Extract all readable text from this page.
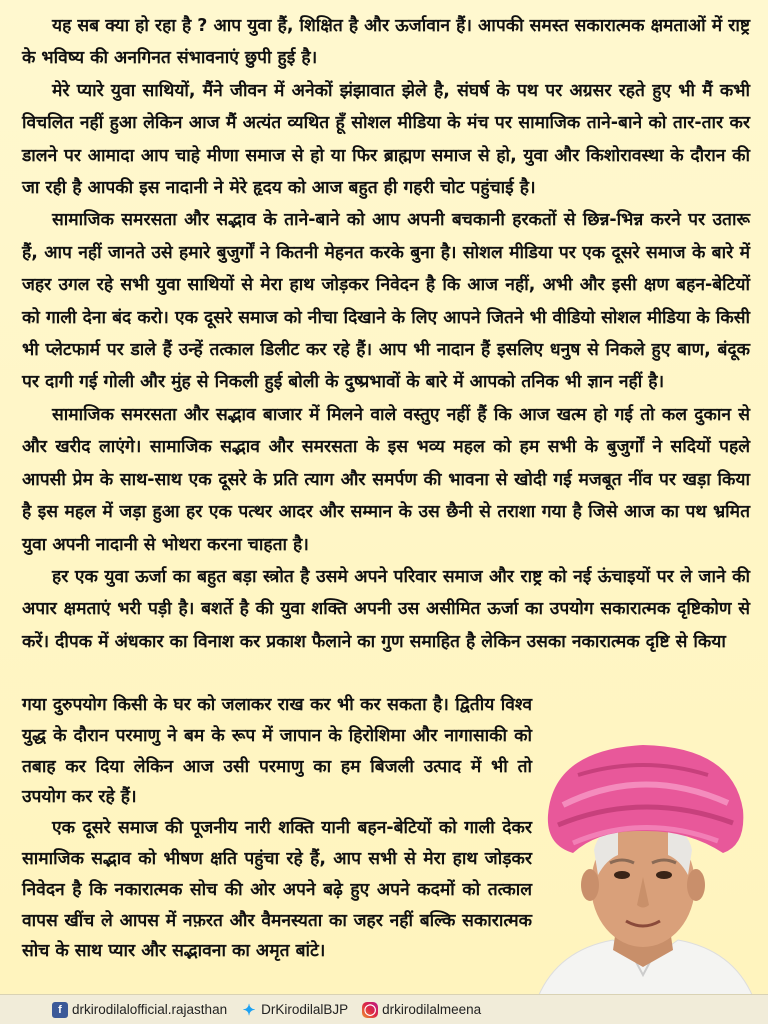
यह सब क्या हो रहा है ? आप युवा हैं, शिक्षित है और ऊर्जावान हैं। आपकी समस्त सकारात्मक क्षमताओं में राष्ट्र के भविष्य की अनगिनत संभावनाएं छुपी हुई है।

मेरे प्यारे युवा साथियों, मैंने जीवन में अनेकों झंझावात झेले है, संघर्ष के पथ पर अग्रसर रहते हुए भी मैं कभी विचलित नहीं हुआ लेकिन आज मैं अत्यंत व्यथित हूँ सोशल मीडिया के मंच पर सामाजिक ताने-बाने को तार-तार कर डालने पर आमादा आप चाहे मीणा समाज से हो या फिर ब्राह्मण समाज से हो, युवा और किशोरावस्था के दौरान की जा रही है आपकी इस नादानी ने मेरे हृदय को आज बहुत ही गहरी चोट पहुंचाई है।

सामाजिक समरसता और सद्भाव के ताने-बाने को आप अपनी बचकानी हरकतों से छिन्न-भिन्न करने पर उतारू हैं, आप नहीं जानते उसे हमारे बुजुर्गों ने कितनी मेहनत करके बुना है। सोशल मीडिया पर एक दूसरे समाज के बारे में जहर उगल रहे सभी युवा साथियों से मेरा हाथ जोड़कर निवेदन है कि आज नहीं, अभी और इसी क्षण बहन-बेटियों को गाली देना बंद करो। एक दूसरे समाज को नीचा दिखाने के लिए आपने जितने भी वीडियो सोशल मीडिया के किसी भी प्लेटफार्म पर डाले हैं उन्हें तत्काल डिलीट कर रहे हैं। आप भी नादान हैं इसलिए धनुष से निकले हुए बाण, बंदूक पर दागी गई गोली और मुंह से निकली हुई बोली के दुष्प्रभावों के बारे में आपको तनिक भी ज्ञान नहीं है।

सामाजिक समरसता और सद्भाव बाजार में मिलने वाले वस्तुए नहीं हैं कि आज खत्म हो गई तो कल दुकान से और खरीद लाएंगे। सामाजिक सद्भाव और समरसता के इस भव्य महल को हम सभी के बुजुर्गों ने सदियों पहले आपसी प्रेम के साथ-साथ एक दूसरे के प्रति त्याग और समर्पण की भावना से खोदी गई मजबूत नींव पर खड़ा किया है इस महल में जड़ा हुआ हर एक पत्थर आदर और सम्मान के उस छैनी से तराशा गया है जिसे आज का पथ भ्रमित युवा अपनी नादानी से भोथरा करना चाहता है।

हर एक युवा ऊर्जा का बहुत बड़ा स्त्रोत है उसमे अपने परिवार समाज और राष्ट्र को नई ऊंचाइयों पर ले जाने की अपार क्षमताएं भरी पड़ी है। बशर्ते है की युवा शक्ति अपनी उस असीमित ऊर्जा का उपयोग सकारात्मक दृष्टिकोण से करें। दीपक में अंधकार का विनाश कर प्रकाश फैलाने का गुण समाहित है लेकिन उसका नकारात्मक दृष्टि से किया

गया दुरुपयोग किसी के घर को जलाकर राख कर भी कर सकता है। द्वितीय विश्व युद्ध के दौरान परमाणु ने बम के रूप में जापान के हिरोशिमा और नागासाकी को तबाह कर दिया लेकिन आज उसी परमाणु का हम बिजली उत्पाद में भी तो उपयोग कर रहे हैं।

एक दूसरे समाज की पूजनीय नारी शक्ति यानी बहन-बेटियों को गाली देकर सामाजिक सद्भाव को भीषण क्षति पहुंचा रहे हैं, आप सभी से मेरा हाथ जोड़कर निवेदन है कि नकारात्मक सोच की ओर अपने बढ़े हुए अपने कदमों को तत्काल वापस खींच ले आपस में नफ़रत और वैमनस्यता का जहर नहीं बल्कि सकारात्मक सोच के साथ प्यार और सद्भावना का अमृत बांटे।

f drkirodilalofficial.rajasthan ✦ DrKirodilalBJP ◯ drkirodilalmeena
